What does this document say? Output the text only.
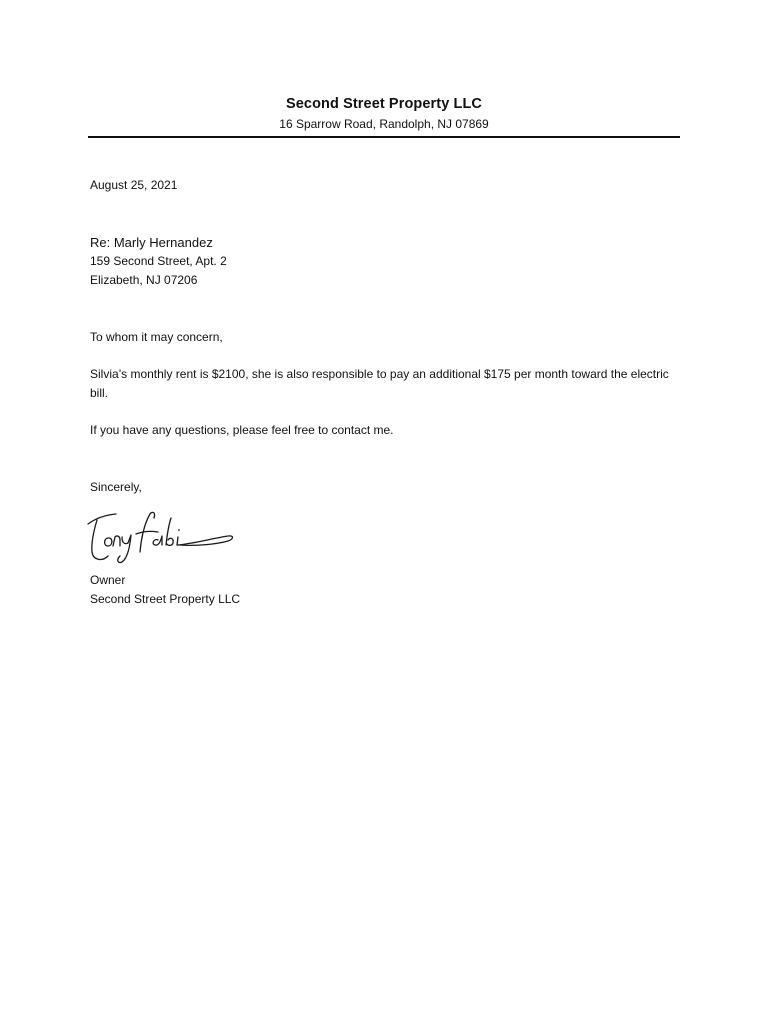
Second Street Property LLC
16 Sparrow Road, Randolph, NJ 07869
August 25, 2021
Re: Marly Hernandez
159 Second Street, Apt. 2
Elizabeth, NJ 07206
To whom it may concern,
Silvia’s monthly rent is $2100, she is also responsible to pay an additional $175 per month toward the electric bill.
If you have any questions, please feel free to contact me.
Sincerely,
Owner
Second Street Property LLC
